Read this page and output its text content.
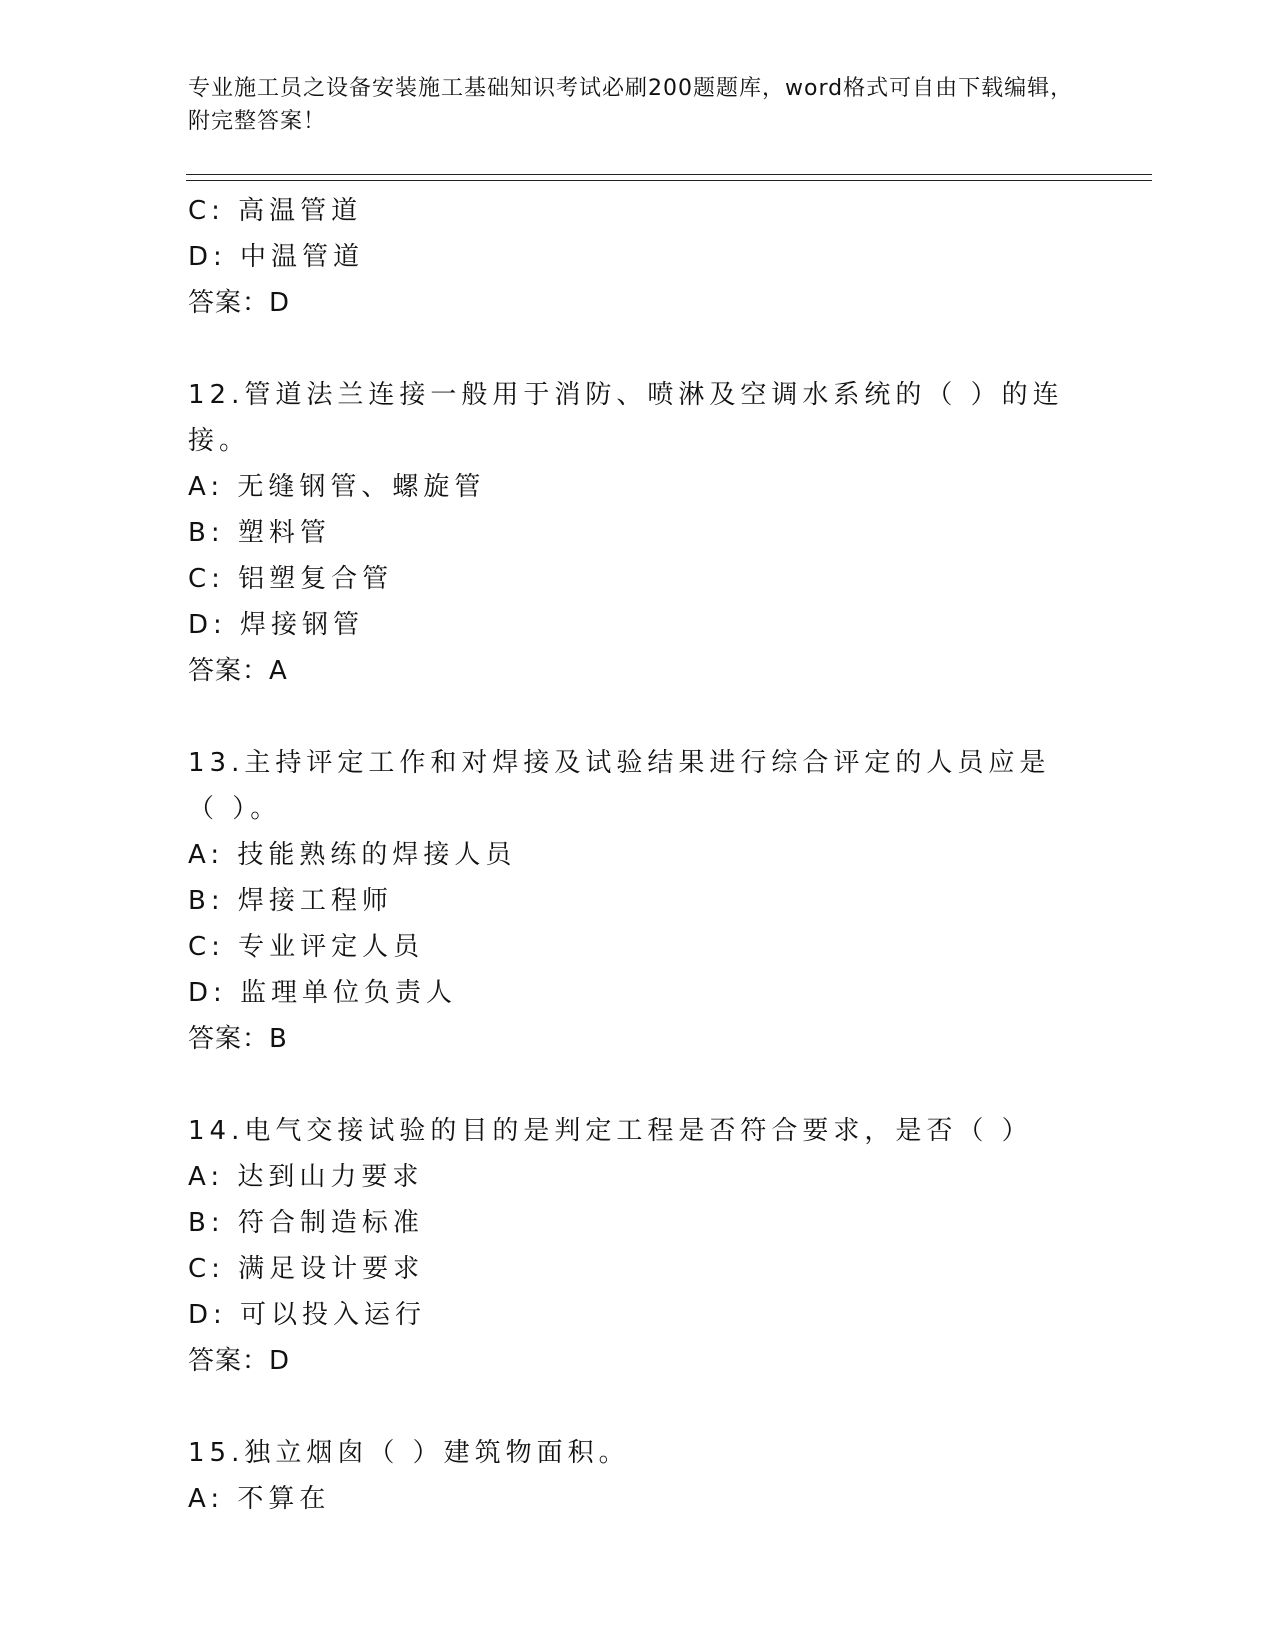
专业施工员之设备安装施工基础知识考试必刷200题题库，word格式可自由下载编辑，附完整答案！
C: 高温管道
D: 中温管道
答案：D
12.管道法兰连接一般用于消防、喷淋及空调水系统的（ ）的连接。
A: 无缝钢管、螺旋管
B: 塑料管
C: 铝塑复合管
D: 焊接钢管
答案：A
13.主持评定工作和对焊接及试验结果进行综合评定的人员应是（ ）。
A: 技能熟练的焊接人员
B: 焊接工程师
C: 专业评定人员
D: 监理单位负责人
答案：B
14.电气交接试验的目的是判定工程是否符合要求，是否（ ）
A: 达到山力要求
B: 符合制造标准
C: 满足设计要求
D: 可以投入运行
答案：D
15.独立烟囱（ ）建筑物面积。
A: 不算在
